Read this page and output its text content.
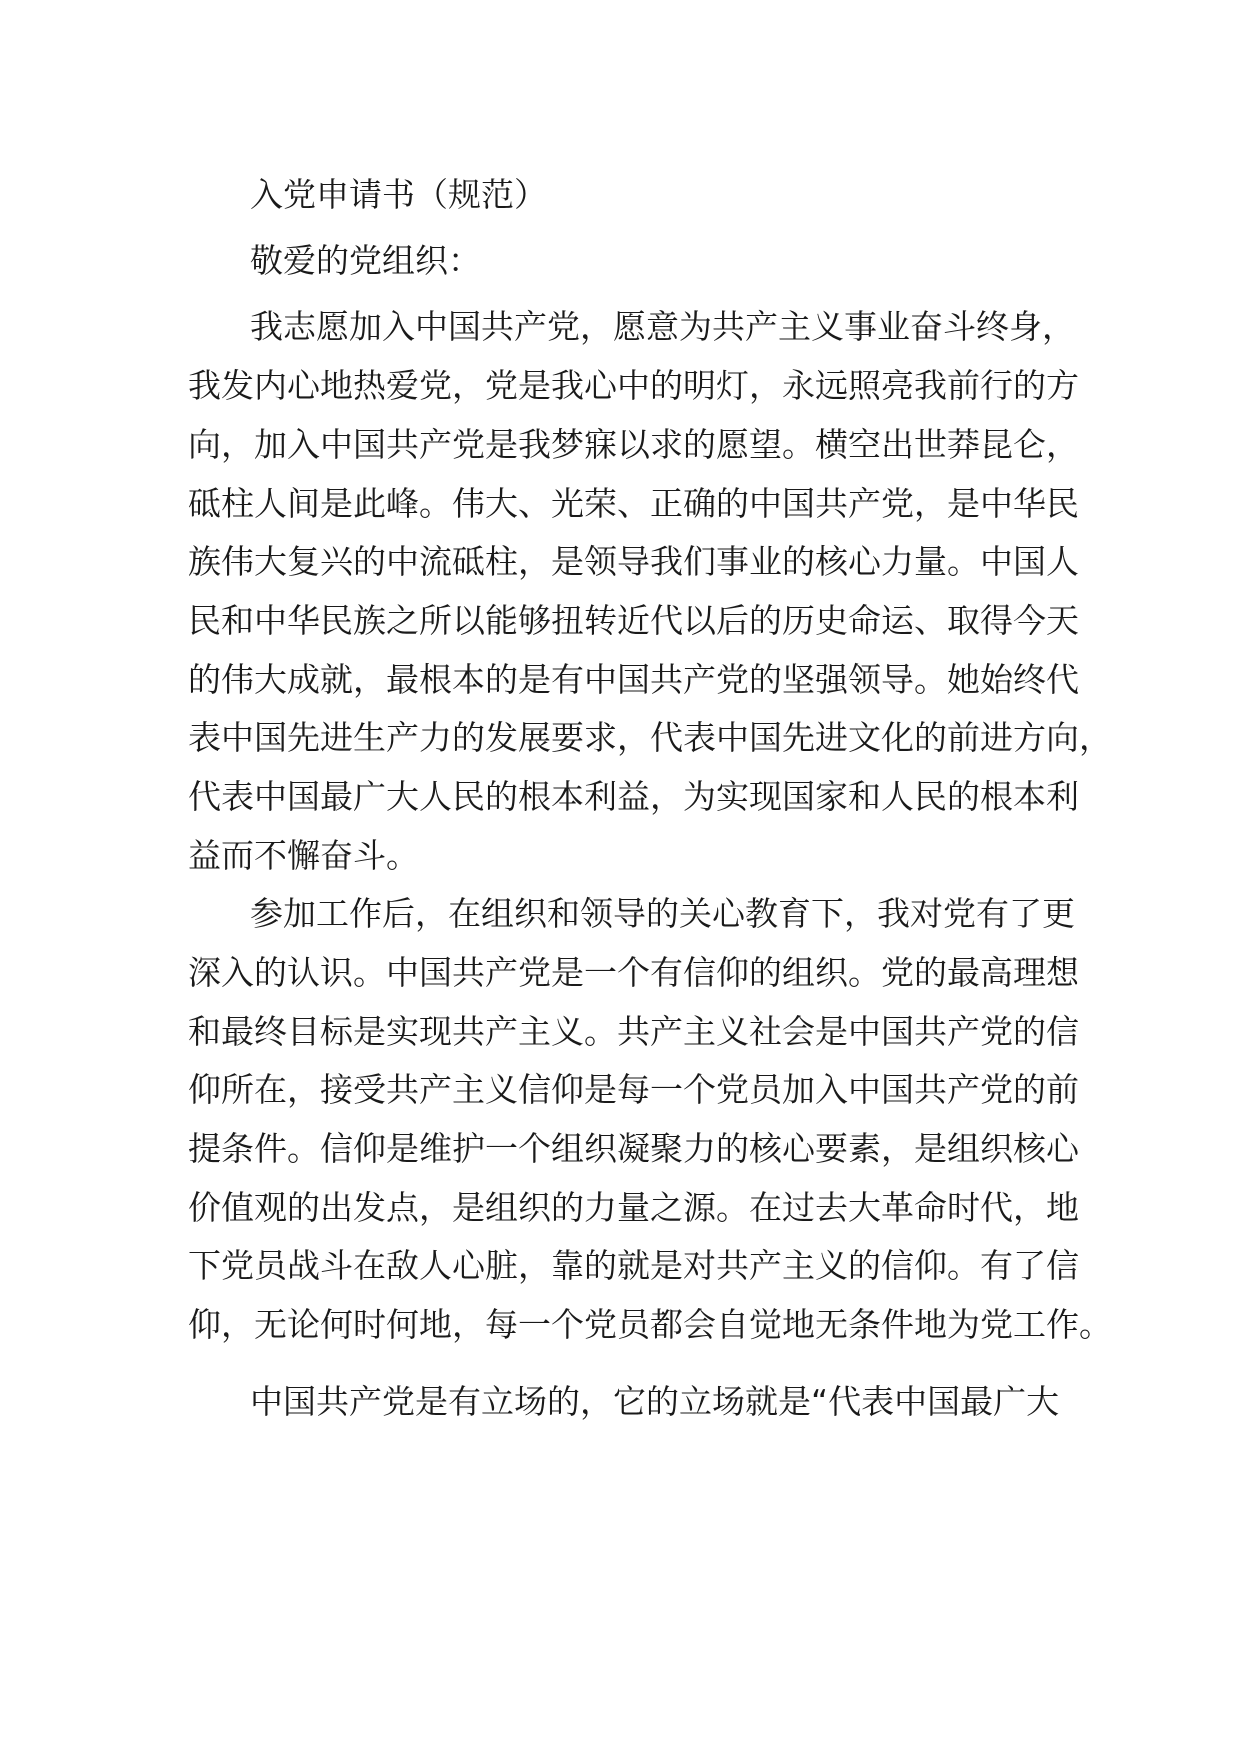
入党申请书（规范）
敬爱的党组织：
我志愿加入中国共产党，愿意为共产主义事业奋斗终身，
我发内心地热爱党，党是我心中的明灯，永远照亮我前行的方
向，加入中国共产党是我梦寐以求的愿望。横空出世莽昆仑，
砥柱人间是此峰。伟大、光荣、正确的中国共产党，是中华民
族伟大复兴的中流砥柱，是领导我们事业的核心力量。中国人
民和中华民族之所以能够扭转近代以后的历史命运、取得今天
的伟大成就，最根本的是有中国共产党的坚强领导。她始终代
表中国先进生产力的发展要求，代表中国先进文化的前进方向，
代表中国最广大人民的根本利益，为实现国家和人民的根本利
益而不懈奋斗。
参加工作后，在组织和领导的关心教育下，我对党有了更
深入的认识。中国共产党是一个有信仰的组织。党的最高理想
和最终目标是实现共产主义。共产主义社会是中国共产党的信
仰所在，接受共产主义信仰是每一个党员加入中国共产党的前
提条件。信仰是维护一个组织凝聚力的核心要素，是组织核心
价值观的出发点，是组织的力量之源。在过去大革命时代，地
下党员战斗在敌人心脏，靠的就是对共产主义的信仰。有了信
仰，无论何时何地，每一个党员都会自觉地无条件地为党工作。
中国共产党是有立场的，它的立场就是“代表中国最广大
